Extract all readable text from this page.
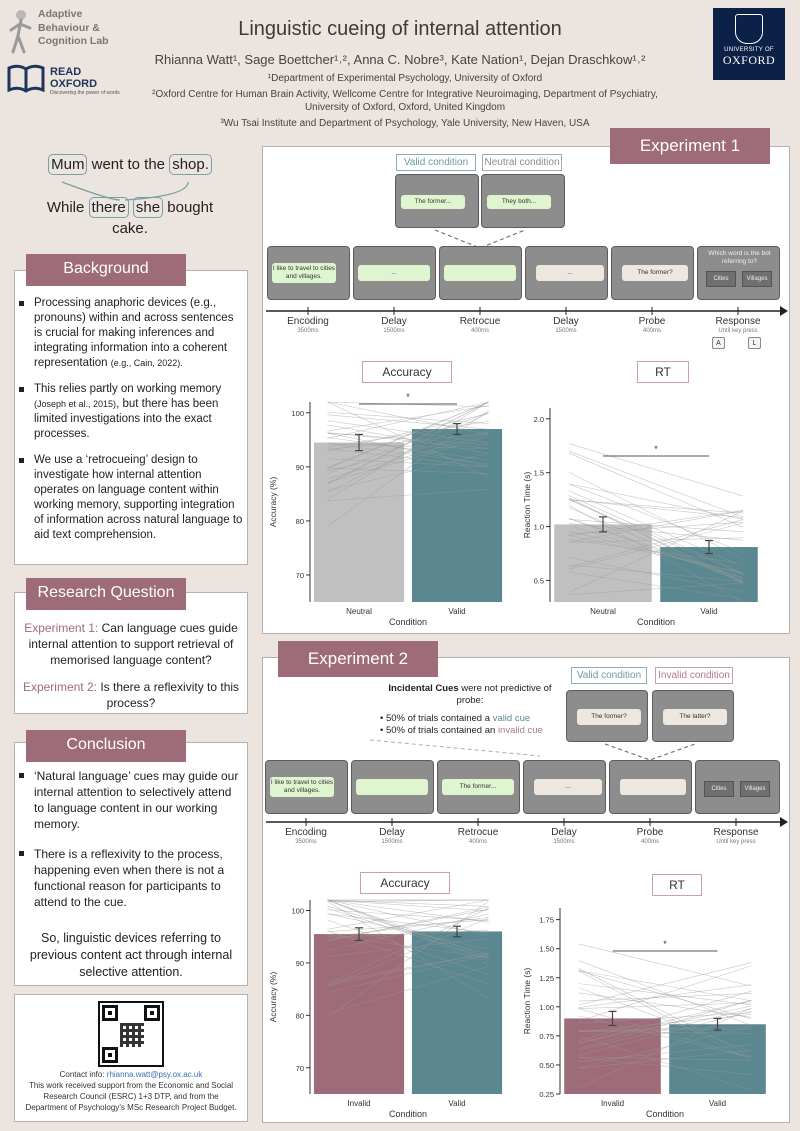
Adaptive
Behaviour &
Cognition Lab
READ
OXFORD
Discovering the power of words
Linguistic cueing of internal attention
Rhianna Watt¹, Sage Boettcher¹˒², Anna C. Nobre³, Kate Nation¹, Dejan Draschkow¹˒²
¹Department of Experimental Psychology, University of Oxford
²Oxford Centre for Human Brain Activity, Wellcome Centre for Integrative Neuroimaging, Department of Psychiatry,
University of Oxford, Oxford, United Kingdom
³Wu Tsai Institute and Department of Psychology, Yale University, New Haven, USA
UNIVERSITY OF
OXFORD
Mum went to the shop.
While there she bought
cake.
Background
Processing anaphoric devices (e.g., pronouns) within and across sentences is crucial for making inferences and integrating information into a coherent representation (e.g., Cain, 2022).
This relies partly on working memory (Joseph et al., 2015), but there has been limited investigations into the exact processes.
We use a ‘retrocueing’ design to investigate how internal attention operates on language content within working memory, supporting integration of information across natural language to aid text comprehension.
Research Question
Experiment 1: Can language cues guide internal attention to support retrieval of memorised language content?
Experiment 2: Is there a reflexivity to this process?
Conclusion
‘Natural language’ cues may guide our internal attention to selectively attend to language content in our working memory.
There is a reflexivity to the process, happening even when there is not a functional reason for participants to attend to the cue.
So, linguistic devices referring to previous content act through internal selective attention.
Contact info: rhianna.watt@psy.ox.ac.uk
This work received support from the Economic and Social Research Council (ESRC) 1+3 DTP, and from the Department of Psychology’s MSc Research Project Budget.
Experiment 1
Valid condition	Neutral condition
The former...	They both...
I like to travel to cities and villages.
...	...	The former?
Which word is the bot referring to?
Cities	Villages
Encoding
3500ms
Delay
1500ms
Retrocue
400ms
Delay
1500ms
Probe
400ms
Response
Until key press
A	L
Accuracy	RT
70
80
90
100
Neutral	Valid
*
Condition
Accuracy (%)
0.5
1.0
1.5
2.0
Neutral	Valid
*
Condition
Reaction Time (s)
Experiment 2
Incidental Cues were not predictive of probe:
• 50% of trials contained a valid cue
• 50% of trials contained an invalid cue
Valid condition	Invalid condition
The former?	The latter?
I like to travel to cities and villages.
The former...	...	Cities	Villages
Encoding
3500ms
Delay
1500ms
Retrocue
400ms
Delay
1500ms
Probe
400ms
Response
Until key press
Accuracy	RT
70
80
90
100
Invalid	Valid
Condition
Accuracy (%)
0.25
0.50
0.75
1.00
1.25
1.50
1.75
Invalid	Valid
*
Condition
Reaction Time (s)
